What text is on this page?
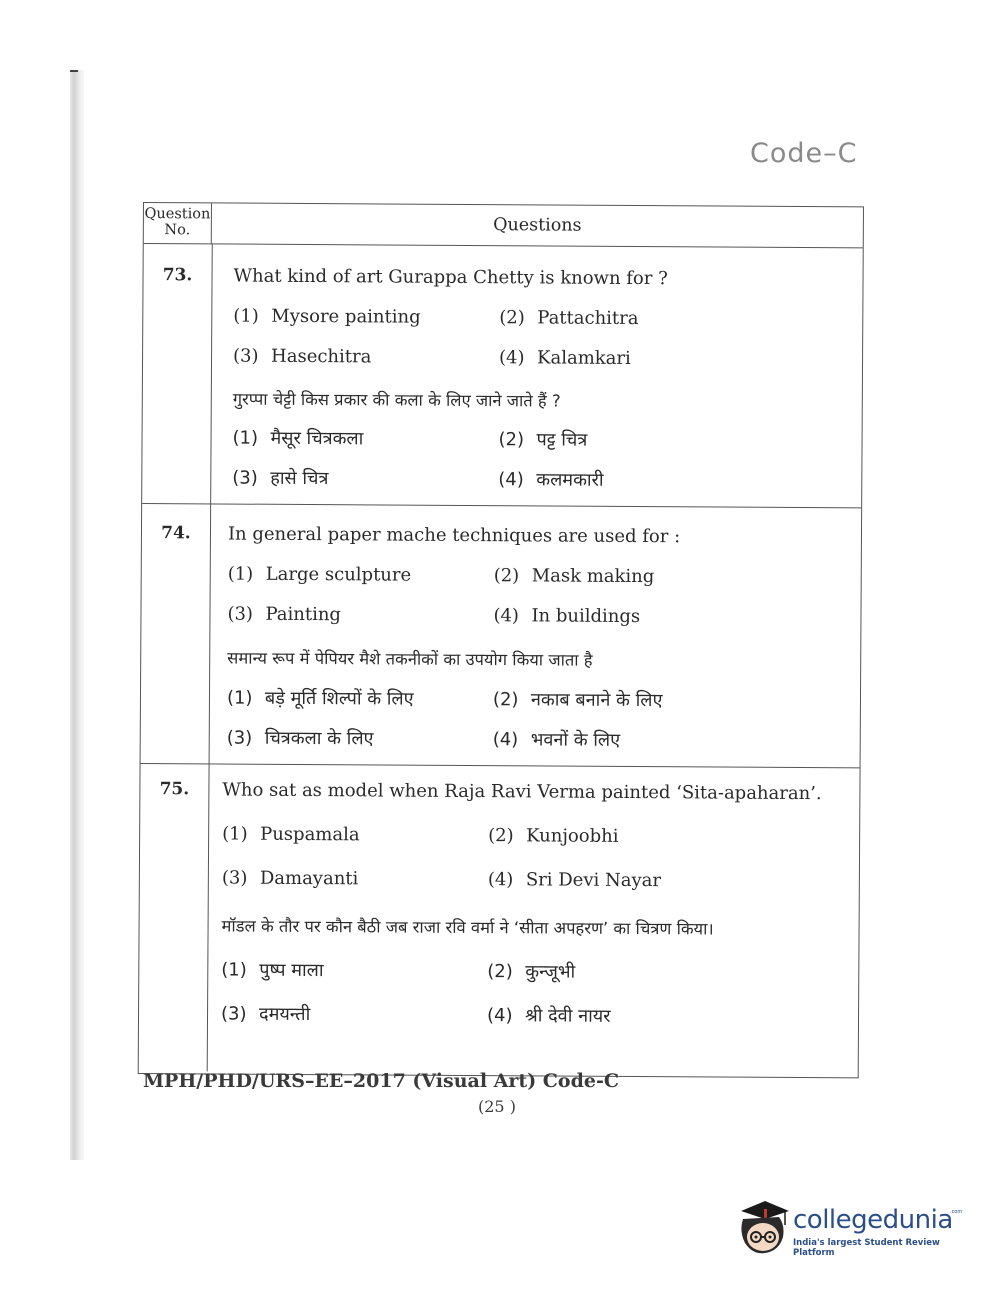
Code–C
Question No.	Questions
73.	What kind of art Gurappa Chetty is known for ?
(1) Mysore painting	(2) Pattachitra
(3) Hasechitra	(4) Kalamkari
गुरप्पा चेट्टी किस प्रकार की कला के लिए जाने जाते हैं ?
(1) मैसूर चित्रकला	(2) पट्ट चित्र
(3) हासे चित्र	(4) कलमकारी
74.	In general paper mache techniques are used for :
(1) Large sculpture	(2) Mask making
(3) Painting	(4) In buildings
समान्य रूप में पेपियर मैशे तकनीकों का उपयोग किया जाता है
(1) बड़े मूर्ति शिल्पों के लिए	(2) नकाब बनाने के लिए
(3) चित्रकला के लिए	(4) भवनों के लिए
75.	Who sat as model when Raja Ravi Verma painted ‘Sita-apaharan’.
(1) Puspamala	(2) Kunjoobhi
(3) Damayanti	(4) Sri Devi Nayar
मॉडल के तौर पर कौन बैठी जब राजा रवि वर्मा ने ‘सीता अपहरण’ का चित्रण किया।
(1) पुष्प माला	(2) कुन्जूभी
(3) दमयन्ती	(4) श्री देवी नायर
MPH/PHD/URS–EE–2017 (Visual Art) Code-C
(25 )
collegedunia
.com
India's largest Student Review Platform
